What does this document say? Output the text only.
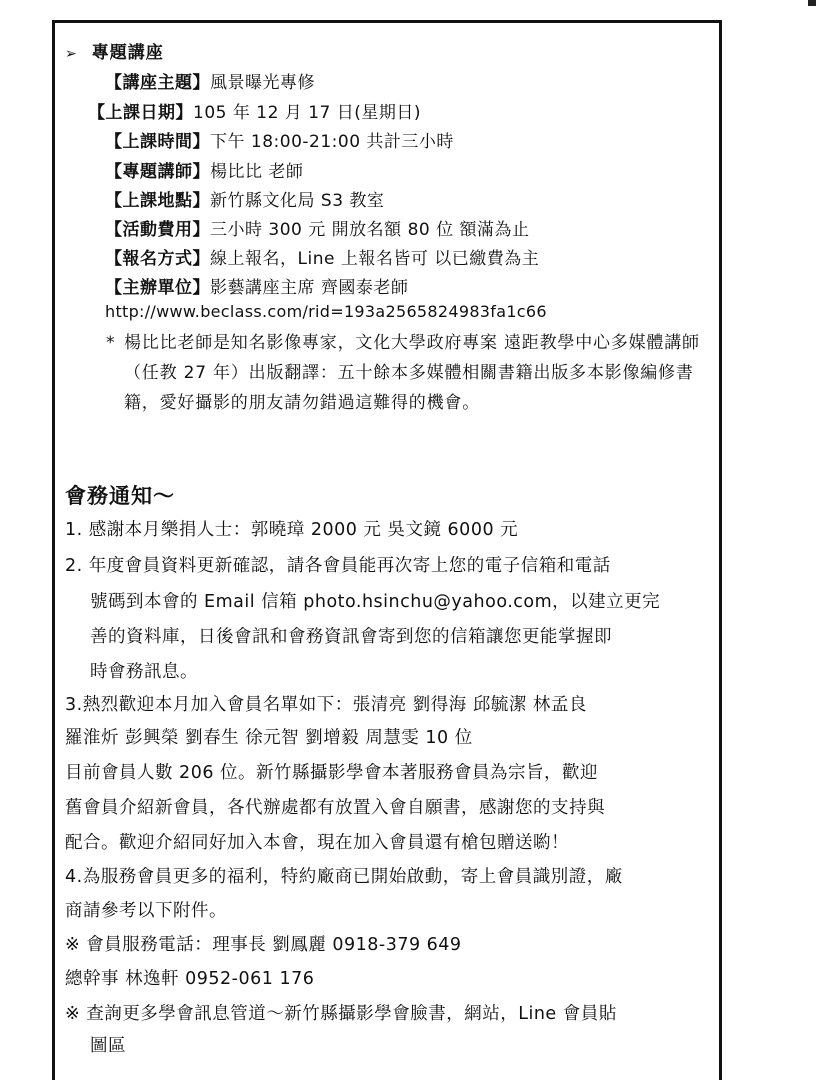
➢ 專題講座
【講座主題】風景曝光專修
【上課日期】105 年 12 月 17 日(星期日)
【上課時間】下午 18:00-21:00 共計三小時
【專題講師】楊比比 老師
【上課地點】新竹縣文化局 S3 教室
【活動費用】三小時 300 元 開放名額 80 位 額滿為止
【報名方式】線上報名，Line 上報名皆可 以已繳費為主
【主辦單位】影藝講座主席 齊國泰老師
http://www.beclass.com/rid=193a2565824983fa1c66
* 楊比比老師是知名影像專家，文化大學政府專案 遠距教學中心多媒體講師 （任教 27 年）出版翻譯：五十餘本多媒體相關書籍出版多本影像編修書籍，愛好攝影的朋友請勿錯過這難得的機會。
會務通知～
1. 感謝本月樂捐人士：郭曉璋 2000 元 吳文鏡 6000 元
2. 年度會員資料更新確認，請各會員能再次寄上您的電子信箱和電話
號碼到本會的 Email 信箱 photo.hsinchu@yahoo.com，以建立更完
善的資料庫，日後會訊和會務資訊會寄到您的信箱讓您更能掌握即
時會務訊息。
3.熱烈歡迎本月加入會員名單如下：張清亮 劉得海 邱毓潔 林孟良
羅淮炘 彭興榮 劉春生 徐元智 劉增毅 周慧雯 10 位
目前會員人數 206 位。新竹縣攝影學會本著服務會員為宗旨，歡迎
舊會員介紹新會員，各代辦處都有放置入會自願書，感謝您的支持與
配合。歡迎介紹同好加入本會，現在加入會員還有槍包贈送喲！
4.為服務會員更多的福利，特約廠商已開始啟動，寄上會員識別證，廠
商請參考以下附件。
※ 會員服務電話：理事長 劉鳳麗 0918-379 649
總幹事 林逸軒 0952-061 176
※ 查詢更多學會訊息管道～新竹縣攝影學會臉書，網站，Line 會員貼
圖區
